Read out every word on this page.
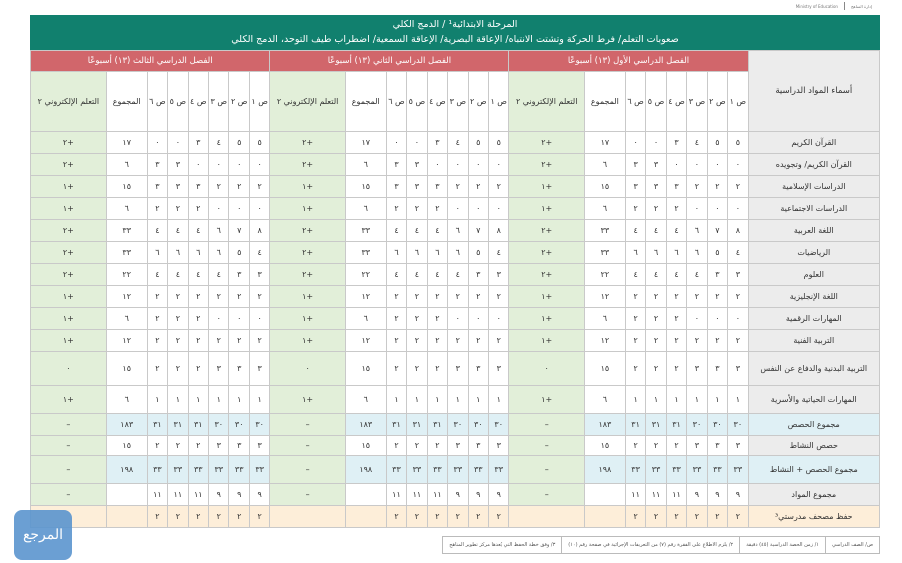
إدارة المناهج
Ministry of Education
المرحلة الابتدائية¹ / الدمج الكلي
صعوبات التعلم/ فرط الحركة وتشتت الانتباه/ الإعاقة البصرية/ الإعاقة السمعية/ اضطراب طيف التوحد، الدمج الكلي
أسماء المواد الدراسية	الفصل الدراسي الأول (١٣) أسبوعًا								الفصل الدراسي الثاني (١٣) أسبوعًا								الفصل الدراسي الثالث (١٣) أسبوعًا							
	ص ١	ص ٢	ص ٣	ص ٤	ص ٥	ص ٦	المجموع	التعلم الإلكتروني ٢	ص ١	ص ٢	ص ٣	ص ٤	ص ٥	ص ٦	المجموع	التعلم الإلكتروني ٢	ص ١	ص ٢	ص ٣	ص ٤	ص ٥	ص ٦	المجموع	التعلم الإلكتروني ٢
القرآن الكريم	٥	٥	٤	٣	٠	٠	١٧	+٢	٥	٥	٤	٣	٠	٠	١٧	+٢	٥	٥	٤	٣	٠	٠	١٧	+٢
القرآن الكريم/ وتجويده	٠	٠	٠	٠	٣	٣	٦	+٢	٠	٠	٠	٠	٣	٣	٦	+٢	٠	٠	٠	٠	٣	٣	٦	+٢
الدراسات الإسلامية	٢	٢	٢	٣	٣	٣	١٥	+١	٢	٢	٢	٣	٣	٣	١٥	+١	٢	٢	٢	٣	٣	٣	١٥	+١
الدراسات الاجتماعية	٠	٠	٠	٢	٢	٢	٦	+١	٠	٠	٠	٢	٢	٢	٦	+١	٠	٠	٠	٢	٢	٢	٦	+١
اللغة العربية	٨	٧	٦	٤	٤	٤	٣٣	+٢	٨	٧	٦	٤	٤	٤	٣٣	+٢	٨	٧	٦	٤	٤	٤	٣٣	+٢
الرياضيات	٤	٥	٦	٦	٦	٦	٣٣	+٢	٤	٥	٦	٦	٦	٦	٣٣	+٢	٤	٥	٦	٦	٦	٦	٣٣	+٢
العلوم	٣	٣	٤	٤	٤	٤	٢٢	+٢	٣	٣	٤	٤	٤	٤	٢٢	+٢	٣	٣	٤	٤	٤	٤	٢٢	+٢
اللغة الإنجليزية	٢	٢	٢	٢	٢	٢	١٢	+١	٢	٢	٢	٢	٢	٢	١٢	+١	٢	٢	٢	٢	٢	٢	١٢	+١
المهارات الرقمية	٠	٠	٠	٢	٢	٢	٦	+١	٠	٠	٠	٢	٢	٢	٦	+١	٠	٠	٠	٢	٢	٢	٦	+١
التربية الفنية	٢	٢	٢	٢	٢	٢	١٢	+١	٢	٢	٢	٢	٢	٢	١٢	+١	٢	٢	٢	٢	٢	٢	١٢	+١
التربية البدنية والدفاع عن النفس	٣	٣	٣	٢	٢	٢	١٥	٠	٣	٣	٣	٢	٢	٢	١٥	٠	٣	٣	٣	٢	٢	٢	١٥	٠
المهارات الحياتية والأسرية	١	١	١	١	١	١	٦	+١	١	١	١	١	١	١	٦	+١	١	١	١	١	١	١	٦	+١
مجموع الحصص	٣٠	٣٠	٣٠	٣١	٣١	٣١	١٨٣	–	٣٠	٣٠	٣٠	٣١	٣١	٣١	١٨٣	–	٣٠	٣٠	٣٠	٣١	٣١	٣١	١٨٣	–
حصص النشاط	٣	٣	٣	٢	٢	٢	١٥	–	٣	٣	٣	٢	٢	٢	١٥	–	٣	٣	٣	٢	٢	٢	١٥	–
مجموع الحصص + النشاط	٣٣	٣٣	٣٣	٣٣	٣٣	٣٣	١٩٨	–	٣٣	٣٣	٣٣	٣٣	٣٣	٣٣	١٩٨	–	٣٣	٣٣	٣٣	٣٣	٣٣	٣٣	١٩٨	–
مجموع المواد	٩	٩	٩	١١	١١	١١		–	٩	٩	٩	١١	١١	١١		–	٩	٩	٩	١١	١١	١١		–
حفظ مصحف مدرستي³	٢	٢	٢	٢	٢	٢			٢	٢	٢	٢	٢	٢			٢	٢	٢	٢	٢	٢		
ص/ الصف الدراسي
١/ زمن الحصة الدراسية (٤٥) دقيقة
٢/ يلزم الاطلاع على الفقرة رقم (٧) من التعريفات الإجرائية في صفحة رقم (١٠)
٣/ وفق خطة الحفظ التي يُعدها مركز تطوير المناهج
المرجع
